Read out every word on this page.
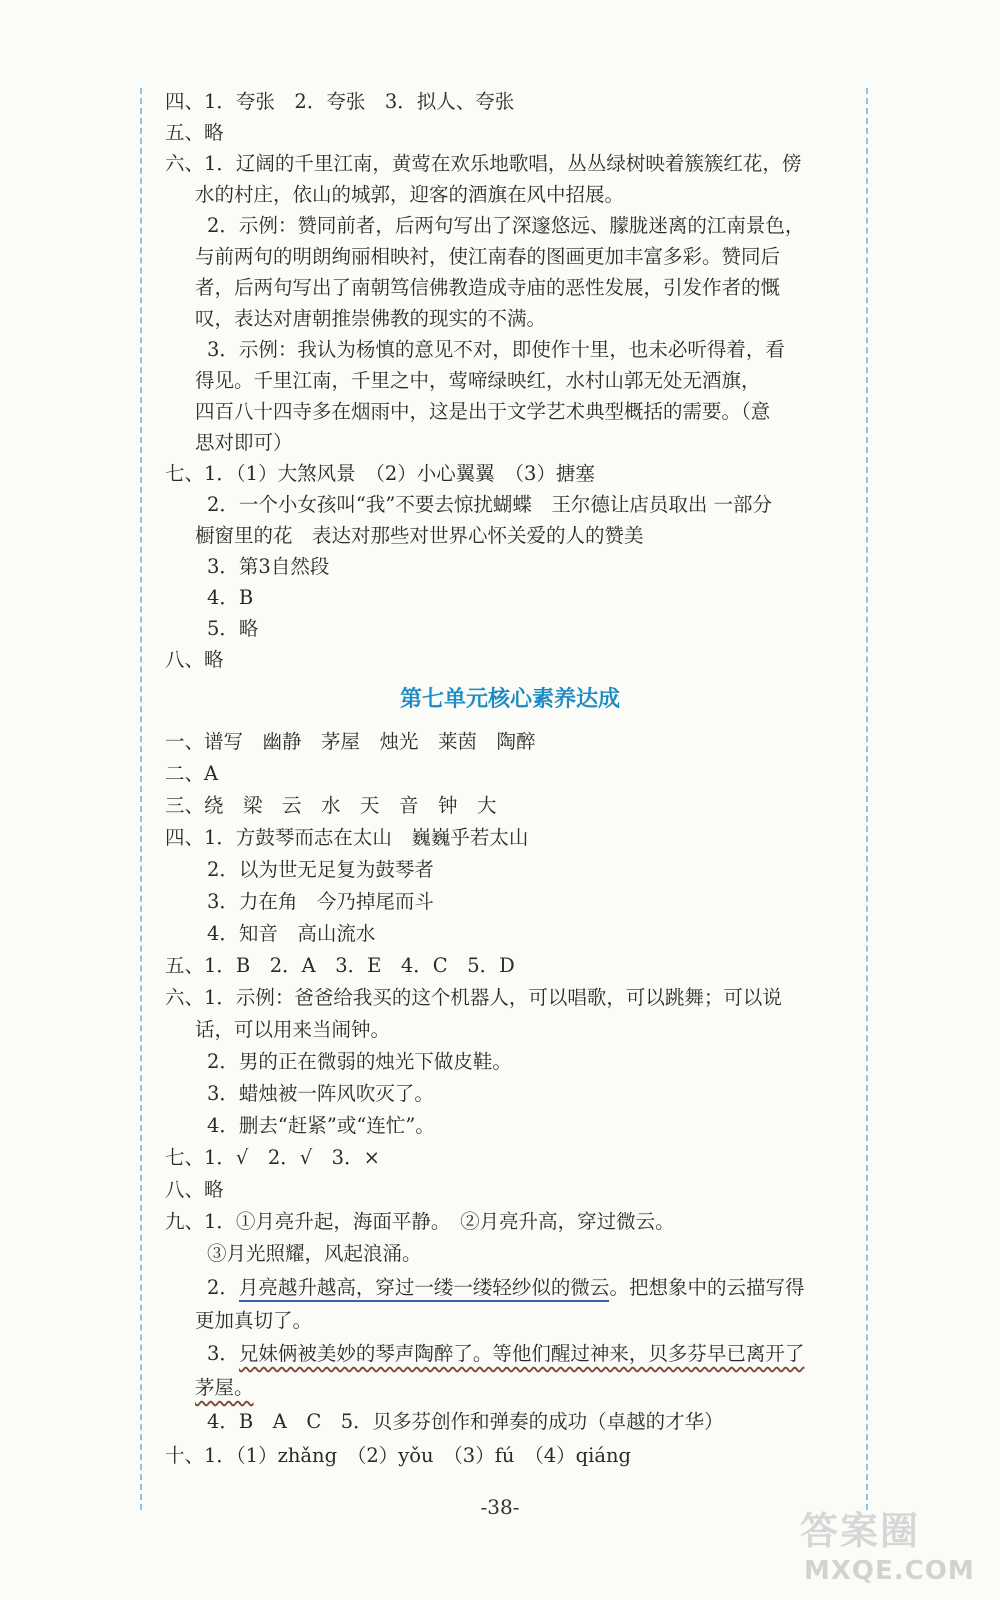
四、1．夸张　2．夸张　3．拟人、夸张
五、略
六、1．辽阔的千里江南，黄莺在欢乐地歌唱，丛丛绿树映着簇簇红花，傍
水的村庄，依山的城郭，迎客的酒旗在风中招展。
2．示例：赞同前者，后两句写出了深邃悠远、朦胧迷离的江南景色，
与前两句的明朗绚丽相映衬，使江南春的图画更加丰富多彩。赞同后
者，后两句写出了南朝笃信佛教造成寺庙的恶性发展，引发作者的慨
叹，表达对唐朝推崇佛教的现实的不满。
3．示例：我认为杨慎的意见不对，即使作十里，也未必听得着，看
得见。千里江南，千里之中，莺啼绿映红，水村山郭无处无酒旗，
四百八十四寺多在烟雨中，这是出于文学艺术典型概括的需要。（意
思对即可）
七、1．（1）大煞风景　（2）小心翼翼　（3）搪塞
2．一个小女孩叫“我”不要去惊扰蝴蝶　王尔德让店员取出 一部分
橱窗里的花　表达对那些对世界心怀关爱的人的赞美
3．第3自然段
4．B
5．略
八、略
第七单元核心素养达成
一、谱写　幽静　茅屋　烛光　莱茵　陶醉
二、A
三、绕　梁　云　水　天　音　钟　大
四、1．方鼓琴而志在太山　巍巍乎若太山
2．以为世无足复为鼓琴者
3．力在角　今乃掉尾而斗
4．知音　高山流水
五、1．B　2．A　3．E　4．C　5．D
六、1．示例：爸爸给我买的这个机器人，可以唱歌，可以跳舞；可以说
话，可以用来当闹钟。
2．男的正在微弱的烛光下做皮鞋。
3．蜡烛被一阵风吹灭了。
4．删去“赶紧”或“连忙”。
七、1．√　2．√　3．×
八、略
九、1．①月亮升起，海面平静。　②月亮升高，穿过微云。
③月光照耀，风起浪涌。
2．月亮越升越高，穿过一缕一缕轻纱似的微云。把想象中的云描写得
更加真切了。
3．兄妹俩被美妙的琴声陶醉了。等他们醒过神来，贝多芬早已离开了
茅屋。
4．B　A　C　5．贝多芬创作和弹奏的成功（卓越的才华）
十、1．（1）zhǎng　（2）yǒu　（3）fú　（4）qiáng
-38-
答案圈
MXQE.COM
